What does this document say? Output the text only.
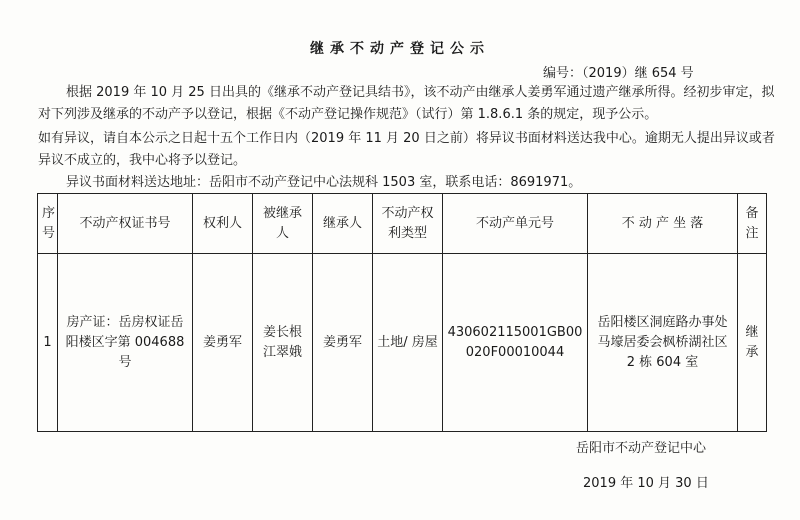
继承不动产登记公示
编号：（2019）继 654 号

根据 2019 年 10 月 25 日出具的《继承不动产登记具结书》，该不动产由继承人姜勇军通过遗产继承所得。经初步审定，拟对下列涉及继承的不动产予以登记，根据《不动产登记操作规范》（试行）第 1.8.6.1 条的规定，现予公示。

如有异议，请自本公示之日起十五个工作日内（2019 年 11 月 20 日之前）将异议书面材料送达我中心。逾期无人提出异议或者异议不成立的，我中心将予以登记。

异议书面材料送达地址：岳阳市不动产登记中心法规科 1503 室，联系电话：8691971。

序号	不动产权证书号	权利人	被继承人	继承人	不动产权利类型	不动产单元号	不 动 产 坐 落	备注
1	房产证：岳房权证岳阳楼区字第 004688 号	姜勇军	姜长根 江翠娥	姜勇军	土地/ 房屋	430602115001GB00020F00010044	岳阳楼区洞庭路办事处马壕居委会枫桥湖社区 2 栋 604 室	继承
岳阳市不动产登记中心
2019 年 10 月 30 日
